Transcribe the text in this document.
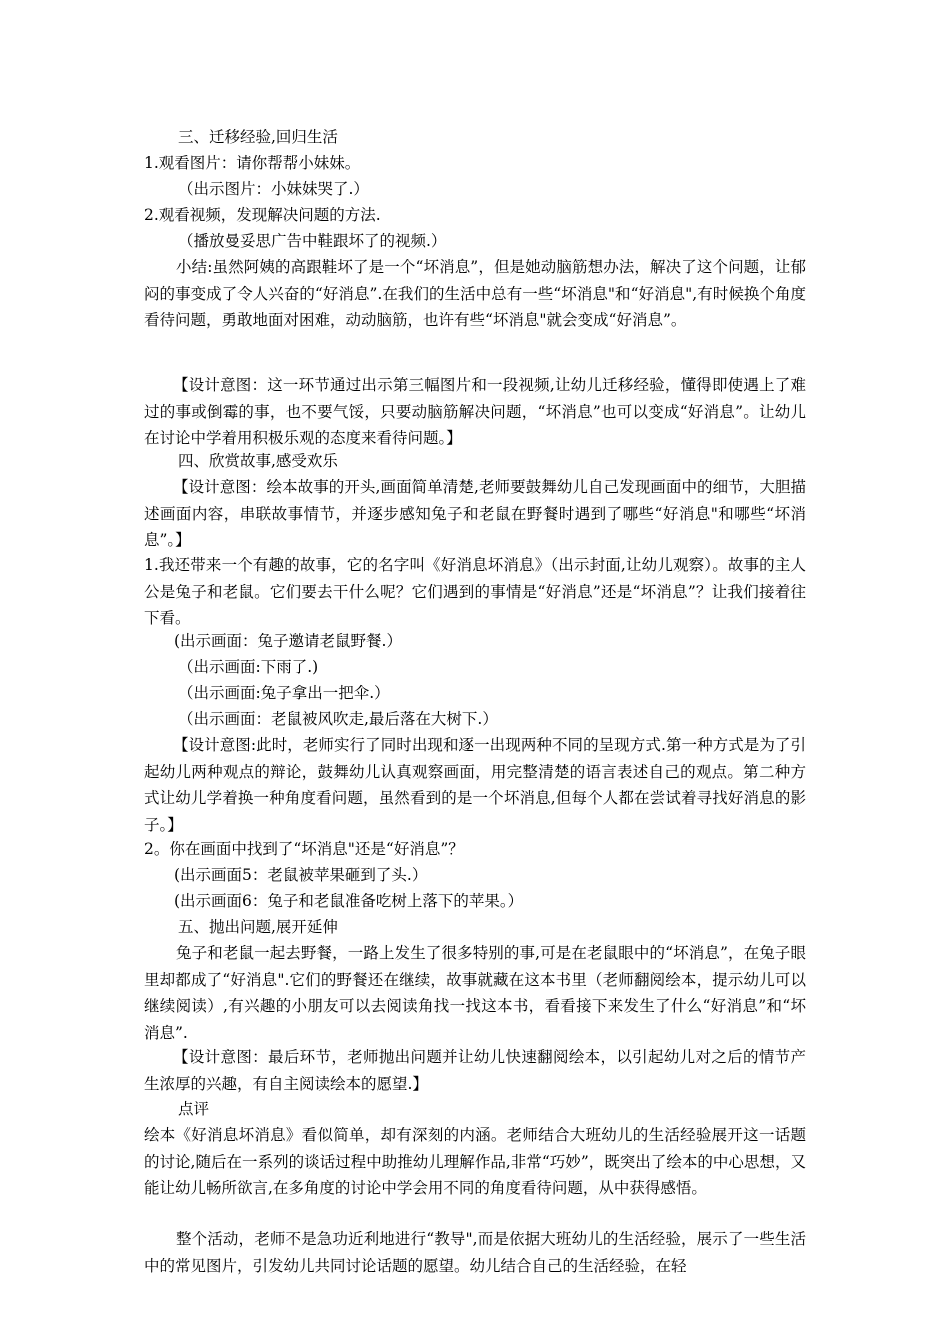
三、迁移经验,回归生活

1.观看图片：请你帮帮小妹妹。

（出示图片：小妹妹哭了.）

2.观看视频，发现解决问题的方法.

（播放曼妥思广告中鞋跟坏了的视频.）

小结:虽然阿姨的高跟鞋坏了是一个“坏消息”，但是她动脑筋想办法，解决了这个问题，让郁闷的事变成了令人兴奋的“好消息”.在我们的生活中总有一些“坏消息"和“好消息",有时候换个角度看待问题，勇敢地面对困难，动动脑筋，也许有些“坏消息"就会变成“好消息”。

【设计意图：这一环节通过出示第三幅图片和一段视频,让幼儿迁移经验，懂得即使遇上了难过的事或倒霉的事，也不要气馁，只要动脑筋解决问题，“坏消息”也可以变成“好消息”。让幼儿在讨论中学着用积极乐观的态度来看待问题。】

四、欣赏故事,感受欢乐

【设计意图：绘本故事的开头,画面简单清楚,老师要鼓舞幼儿自己发现画面中的细节，大胆描述画面内容，串联故事情节，并逐步感知兔子和老鼠在野餐时遇到了哪些“好消息"和哪些“坏消息”。】

1.我还带来一个有趣的故事，它的名字叫《好消息坏消息》（出示封面,让幼儿观察）。故事的主人公是兔子和老鼠。它们要去干什么呢？它们遇到的事情是“好消息”还是“坏消息”？让我们接着往下看。

(出示画面：兔子邀请老鼠野餐.）

（出示画面:下雨了.)

（出示画面:兔子拿出一把伞.）

（出示画面：老鼠被风吹走,最后落在大树下.）

【设计意图:此时，老师实行了同时出现和逐一出现两种不同的呈现方式.第一种方式是为了引起幼儿两种观点的辩论，鼓舞幼儿认真观察画面，用完整清楚的语言表述自己的观点。第二种方式让幼儿学着换一种角度看问题，虽然看到的是一个坏消息,但每个人都在尝试着寻找好消息的影子。】

2。你在画面中找到了“坏消息"还是“好消息”？

(出示画面5：老鼠被苹果砸到了头.）

(出示画面6：兔子和老鼠准备吃树上落下的苹果。）

五、抛出问题,展开延伸

兔子和老鼠一起去野餐，一路上发生了很多特别的事,可是在老鼠眼中的“坏消息”，在兔子眼里却都成了“好消息".它们的野餐还在继续，故事就藏在这本书里（老师翻阅绘本，提示幼儿可以继续阅读）,有兴趣的小朋友可以去阅读角找一找这本书，看看接下来发生了什么“好消息”和“坏消息”.

【设计意图：最后环节，老师抛出问题并让幼儿快速翻阅绘本，以引起幼儿对之后的情节产生浓厚的兴趣，有自主阅读绘本的愿望.】

点评

绘本《好消息坏消息》看似简单，却有深刻的内涵。老师结合大班幼儿的生活经验展开这一话题的讨论,随后在一系列的谈话过程中助推幼儿理解作品,非常“巧妙”，既突出了绘本的中心思想，又能让幼儿畅所欲言,在多角度的讨论中学会用不同的角度看待问题，从中获得感悟。

整个活动，老师不是急功近利地进行“教导",而是依据大班幼儿的生活经验，展示了一些生活中的常见图片，引发幼儿共同讨论话题的愿望。幼儿结合自己的生活经验，在轻
